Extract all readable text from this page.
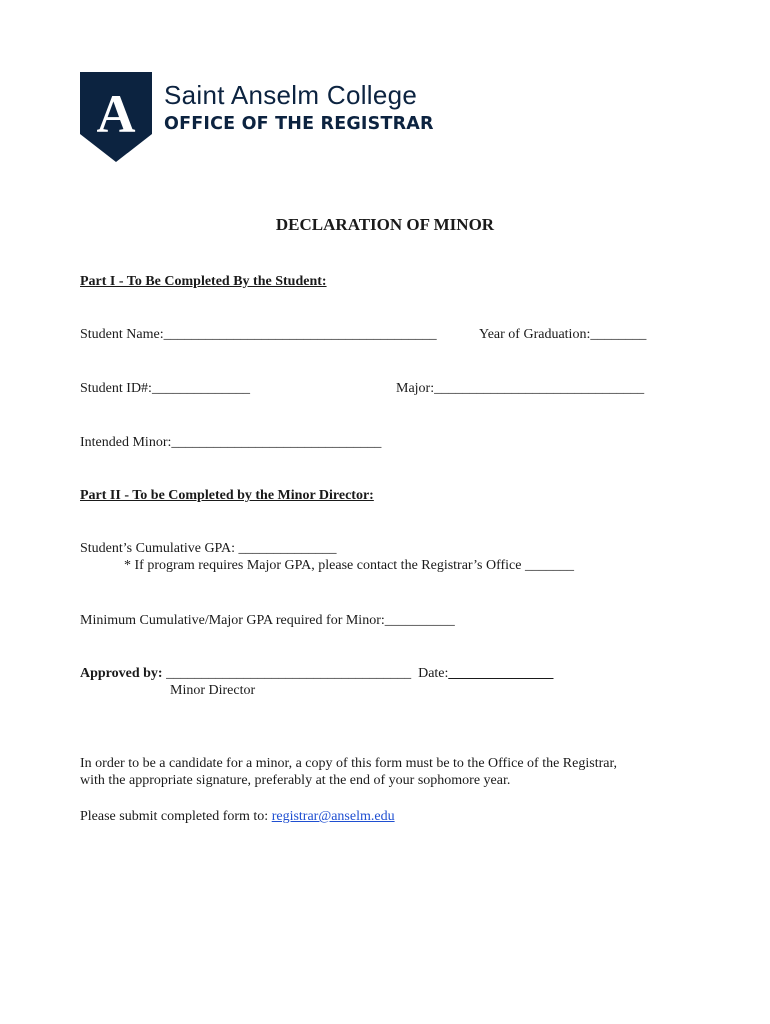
A Saint Anselm College
OFFICE OF THE REGISTRAR
DECLARATION OF MINOR
Part I - To Be Completed By the Student:
Student Name:_______________________________________	Year of Graduation:________
Student ID#:______________	Major:______________________________
Intended Minor:______________________________
Part II - To be Completed by the Minor Director:
Student’s Cumulative GPA: ______________
* If program requires Major GPA, please contact the Registrar’s Office _______
Minimum Cumulative/Major GPA required for Minor:__________
Approved by: ___________________________________  Date:_______________
Minor Director
In order to be a candidate for a minor, a copy of this form must be to the Office of the Registrar,
with the appropriate signature, preferably at the end of your sophomore year.
Please submit completed form to: registrar@anselm.edu
